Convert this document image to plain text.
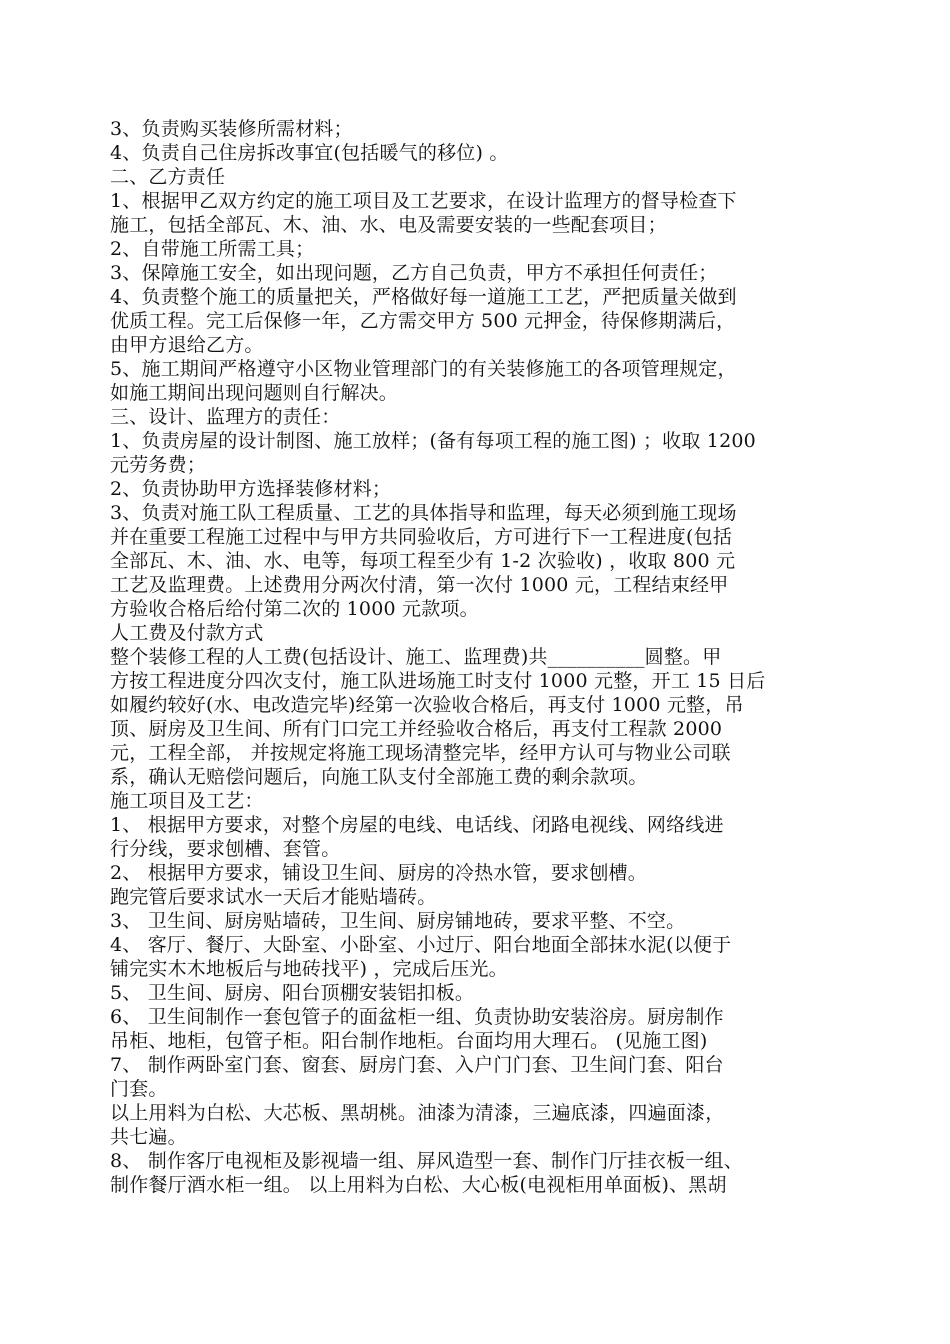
3、负责购买装修所需材料；
4、负责自己住房拆改事宜(包括暖气的移位) 。
二、乙方责任
1、根据甲乙双方约定的施工项目及工艺要求，在设计监理方的督导检查下
施工，包括全部瓦、木、油、水、电及需要安装的一些配套项目；
2、自带施工所需工具；
3、保障施工安全，如出现问题，乙方自己负责，甲方不承担任何责任；
4、负责整个施工的质量把关，严格做好每一道施工工艺，严把质量关做到
优质工程。完工后保修一年，乙方需交甲方 500 元押金，待保修期满后，
由甲方退给乙方。
5、施工期间严格遵守小区物业管理部门的有关装修施工的各项管理规定，
如施工期间出现问题则自行解决。
三、设计、监理方的责任：
1、负责房屋的设计制图、施工放样；(备有每项工程的施工图) ；收取 1200
元劳务费；
2、负责协助甲方选择装修材料；
3、负责对施工队工程质量、工艺的具体指导和监理，每天必须到施工现场
并在重要工程施工过程中与甲方共同验收后，方可进行下一工程进度(包括
全部瓦、木、油、水、电等，每项工程至少有 1-2 次验收) ，收取 800 元
工艺及监理费。上述费用分两次付清，第一次付 1000 元，工程结束经甲
方验收合格后给付第二次的 1000 元款项。
人工费及付款方式
整个装修工程的人工费(包括设计、施工、监理费)共__________圆整。甲
方按工程进度分四次支付，施工队进场施工时支付 1000 元整，开工 15 日后
如履约较好(水、电改造完毕)经第一次验收合格后，再支付 1000 元整，吊
顶、厨房及卫生间、所有门口完工并经验收合格后，再支付工程款 2000
元，工程全部， 并按规定将施工现场清整完毕，经甲方认可与物业公司联
系，确认无赔偿问题后，向施工队支付全部施工费的剩余款项。
施工项目及工艺：
1、 根据甲方要求，对整个房屋的电线、电话线、闭路电视线、网络线进
行分线，要求刨槽、套管。
2、 根据甲方要求，铺设卫生间、厨房的冷热水管，要求刨槽。
跑完管后要求试水一天后才能贴墙砖。
3、 卫生间、厨房贴墙砖，卫生间、厨房铺地砖，要求平整、不空。
4、 客厅、餐厅、大卧室、小卧室、小过厅、阳台地面全部抹水泥(以便于
铺完实木木地板后与地砖找平) ，完成后压光。
5、 卫生间、厨房、阳台顶棚安装铝扣板。
6、 卫生间制作一套包管子的面盆柜一组、负责协助安装浴房。厨房制作
吊柜、地柜，包管子柜。阳台制作地柜。台面均用大理石。 (见施工图)
7、 制作两卧室门套、窗套、厨房门套、入户门门套、卫生间门套、阳台
门套。
以上用料为白松、大芯板、黑胡桃。油漆为清漆，三遍底漆，四遍面漆，
共七遍。
8、 制作客厅电视柜及影视墙一组、屏风造型一套、制作门厅挂衣板一组、
制作餐厅酒水柜一组。 以上用料为白松、大心板(电视柜用单面板)、黑胡
